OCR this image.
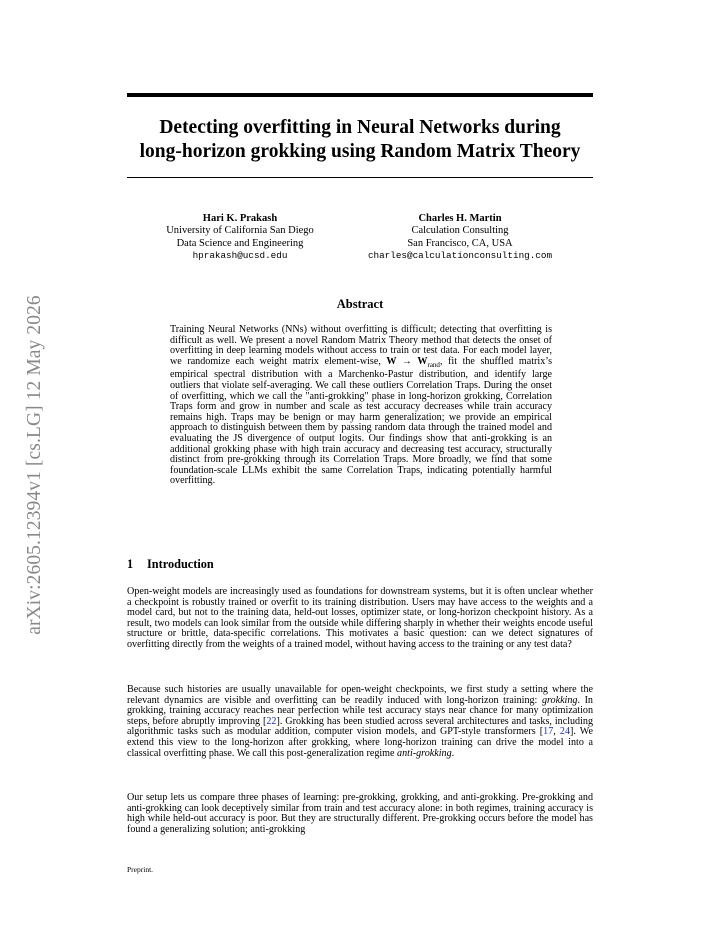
arXiv:2605.12394v1 [cs.LG] 12 May 2026
Detecting overfitting in Neural Networks during
long-horizon grokking using Random Matrix Theory
Hari K. Prakash
University of California San Diego
Data Science and Engineering
hprakash@ucsd.edu
Charles H. Martin
Calculation Consulting
San Francisco, CA, USA
charles@calculationconsulting.com
Abstract
Training Neural Networks (NNs) without overfitting is difficult; detecting that overfitting is difficult as well. We present a novel Random Matrix Theory method that detects the onset of overfitting in deep learning models without access to train or test data. For each model layer, we randomize each weight matrix element-wise, $W \to W_{rand}$, fit the shuffled matrix’s empirical spectral distribution with a Marchenko-Pastur distribution, and identify large outliers that violate self-averaging. We call these outliers Correlation Traps. During the onset of overfitting, which we call the "anti-grokking" phase in long-horizon grokking, Correlation Traps form and grow in number and scale as test accuracy decreases while train accuracy remains high. Traps may be benign or may harm generalization; we provide an empirical approach to distinguish between them by passing random data through the trained model and evaluating the JS divergence of output logits. Our findings show that anti-grokking is an additional grokking phase with high train accuracy and decreasing test accuracy, structurally distinct from pre-grokking through its Correlation Traps. More broadly, we find that some foundation-scale LLMs exhibit the same Correlation Traps, indicating potentially harmful overfitting.
1 Introduction
Open-weight models are increasingly used as foundations for downstream systems, but it is often unclear whether a checkpoint is robustly trained or overfit to its training distribution. Users may have access to the weights and a model card, but not to the training data, held-out losses, optimizer state, or long-horizon checkpoint history. As a result, two models can look similar from the outside while differing sharply in whether their weights encode useful structure or brittle, data-specific correlations. This motivates a basic question: can we detect signatures of overfitting directly from the weights of a trained model, without having access to the training or any test data?
Because such histories are usually unavailable for open-weight checkpoints, we first study a setting where the relevant dynamics are visible and overfitting can be readily induced with long-horizon training: grokking. In grokking, training accuracy reaches near perfection while test accuracy stays near chance for many optimization steps, before abruptly improving [22]. Grokking has been studied across several architectures and tasks, including algorithmic tasks such as modular addition, computer vision models, and GPT-style transformers [17, 24]. We extend this view to the long-horizon after grokking, where long-horizon training can drive the model into a classical overfitting phase. We call this post-generalization regime anti-grokking.
Our setup lets us compare three phases of learning: pre-grokking, grokking, and anti-grokking. Pre-grokking and anti-grokking can look deceptively similar from train and test accuracy alone: in both regimes, training accuracy is high while held-out accuracy is poor. But they are structurally different. Pre-grokking occurs before the model has found a generalizing solution; anti-grokking
Preprint.
